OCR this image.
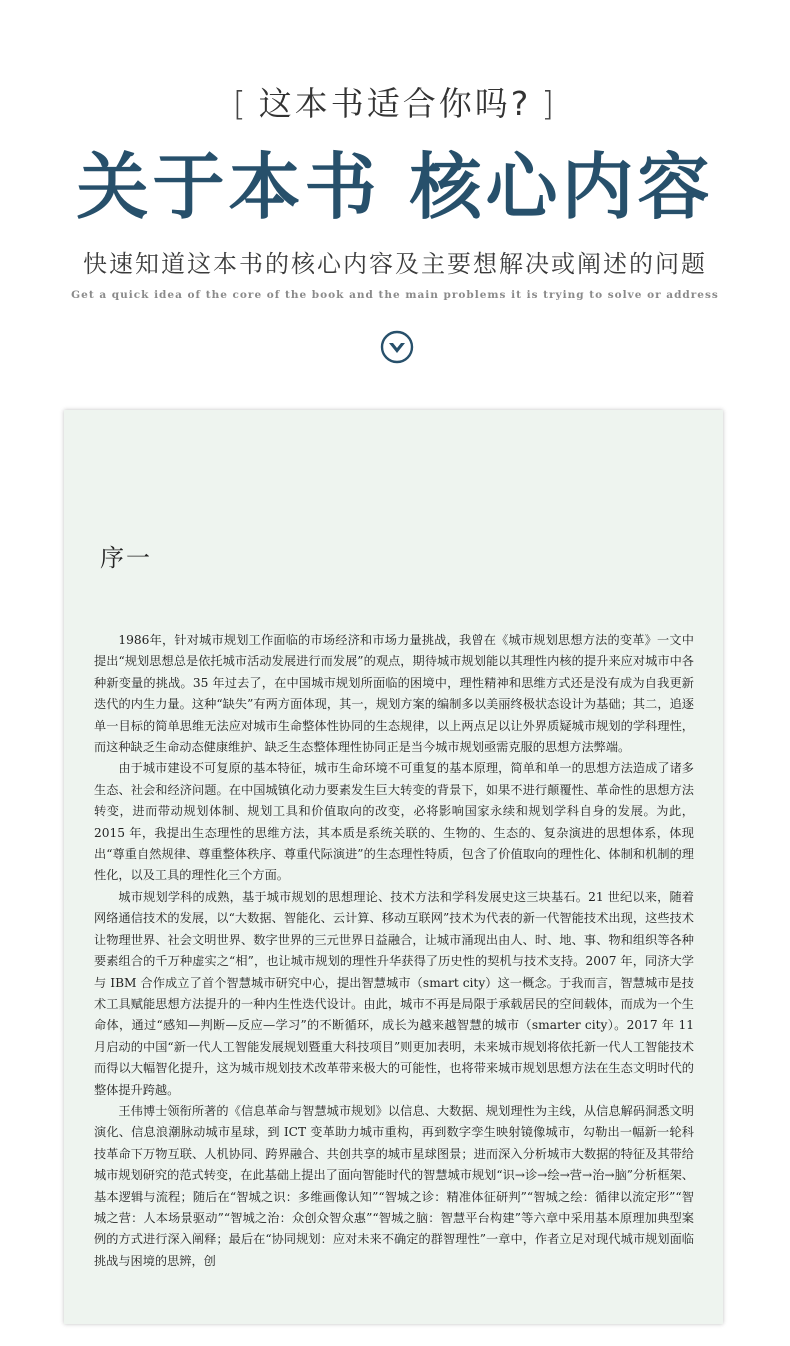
[ 这本书适合你吗? ]
关于本书 核心内容
快速知道这本书的核心内容及主要想解决或阐述的问题
Get a quick idea of the core of the book and the main problems it is trying to solve or address
序一

1986年，针对城市规划工作面临的市场经济和市场力量挑战，我曾在《城市规划思想方法的变革》一文中提出“规划思想总是依托城市活动发展进行而发展”的观点，期待城市规划能以其理性内核的提升来应对城市中各种新变量的挑战。35 年过去了，在中国城市规划所面临的困境中，理性精神和思维方式还是没有成为自我更新迭代的内生力量。这种“缺失”有两方面体现，其一，规划方案的编制多以美丽终极状态设计为基础；其二，追逐单一目标的简单思维无法应对城市生命整体性协同的生态规律，以上两点足以让外界质疑城市规划的学科理性，而这种缺乏生命动态健康维护、缺乏生态整体理性协同正是当今城市规划亟需克服的思想方法弊端。

由于城市建设不可复原的基本特征，城市生命环境不可重复的基本原理，简单和单一的思想方法造成了诸多生态、社会和经济问题。在中国城镇化动力要素发生巨大转变的背景下，如果不进行颠覆性、革命性的思想方法转变，进而带动规划体制、规划工具和价值取向的改变，必将影响国家永续和规划学科自身的发展。为此，2015 年，我提出生态理性的思维方法，其本质是系统关联的、生物的、生态的、复杂演进的思想体系，体现出“尊重自然规律、尊重整体秩序、尊重代际演进”的生态理性特质，包含了价值取向的理性化、体制和机制的理性化，以及工具的理性化三个方面。

城市规划学科的成熟，基于城市规划的思想理论、技术方法和学科发展史这三块基石。21 世纪以来，随着网络通信技术的发展，以“大数据、智能化、云计算、移动互联网”技术为代表的新一代智能技术出现，这些技术让物理世界、社会文明世界、数字世界的三元世界日益融合，让城市涌现出由人、时、地、事、物和组织等各种要素组合的千万种虚实之“相”，也让城市规划的理性升华获得了历史性的契机与技术支持。2007 年，同济大学与 IBM 合作成立了首个智慧城市研究中心，提出智慧城市（smart city）这一概念。于我而言，智慧城市是技术工具赋能思想方法提升的一种内生性迭代设计。由此，城市不再是局限于承载居民的空间载体，而成为一个生命体，通过“感知—判断—反应—学习”的不断循环，成长为越来越智慧的城市（smarter city）。2017 年 11 月启动的中国“新一代人工智能发展规划暨重大科技项目”则更加表明，未来城市规划将依托新一代人工智能技术而得以大幅智化提升，这为城市规划技术改革带来极大的可能性，也将带来城市规划思想方法在生态文明时代的整体提升跨越。

王伟博士领衔所著的《信息革命与智慧城市规划》以信息、大数据、规划理性为主线，从信息解码洞悉文明演化、信息浪潮脉动城市星球，到 ICT 变革助力城市重构，再到数字孪生映射镜像城市，勾勒出一幅新一轮科技革命下万物互联、人机协同、跨界融合、共创共享的城市星球图景；进而深入分析城市大数据的特征及其带给城市规划研究的范式转变，在此基础上提出了面向智能时代的智慧城市规划“识→诊→绘→营→治→脑”分析框架、基本逻辑与流程；随后在“智城之识：多维画像认知”“智城之诊：精准体征研判”“智城之绘：循律以流定形”“智城之营：人本场景驱动”“智城之治：众创众智众惠”“智城之脑：智慧平台构建”等六章中采用基本原理加典型案例的方式进行深入阐释；最后在“协同规划：应对未来不确定的群智理性”一章中，作者立足对现代城市规划面临挑战与困境的思辨，创
